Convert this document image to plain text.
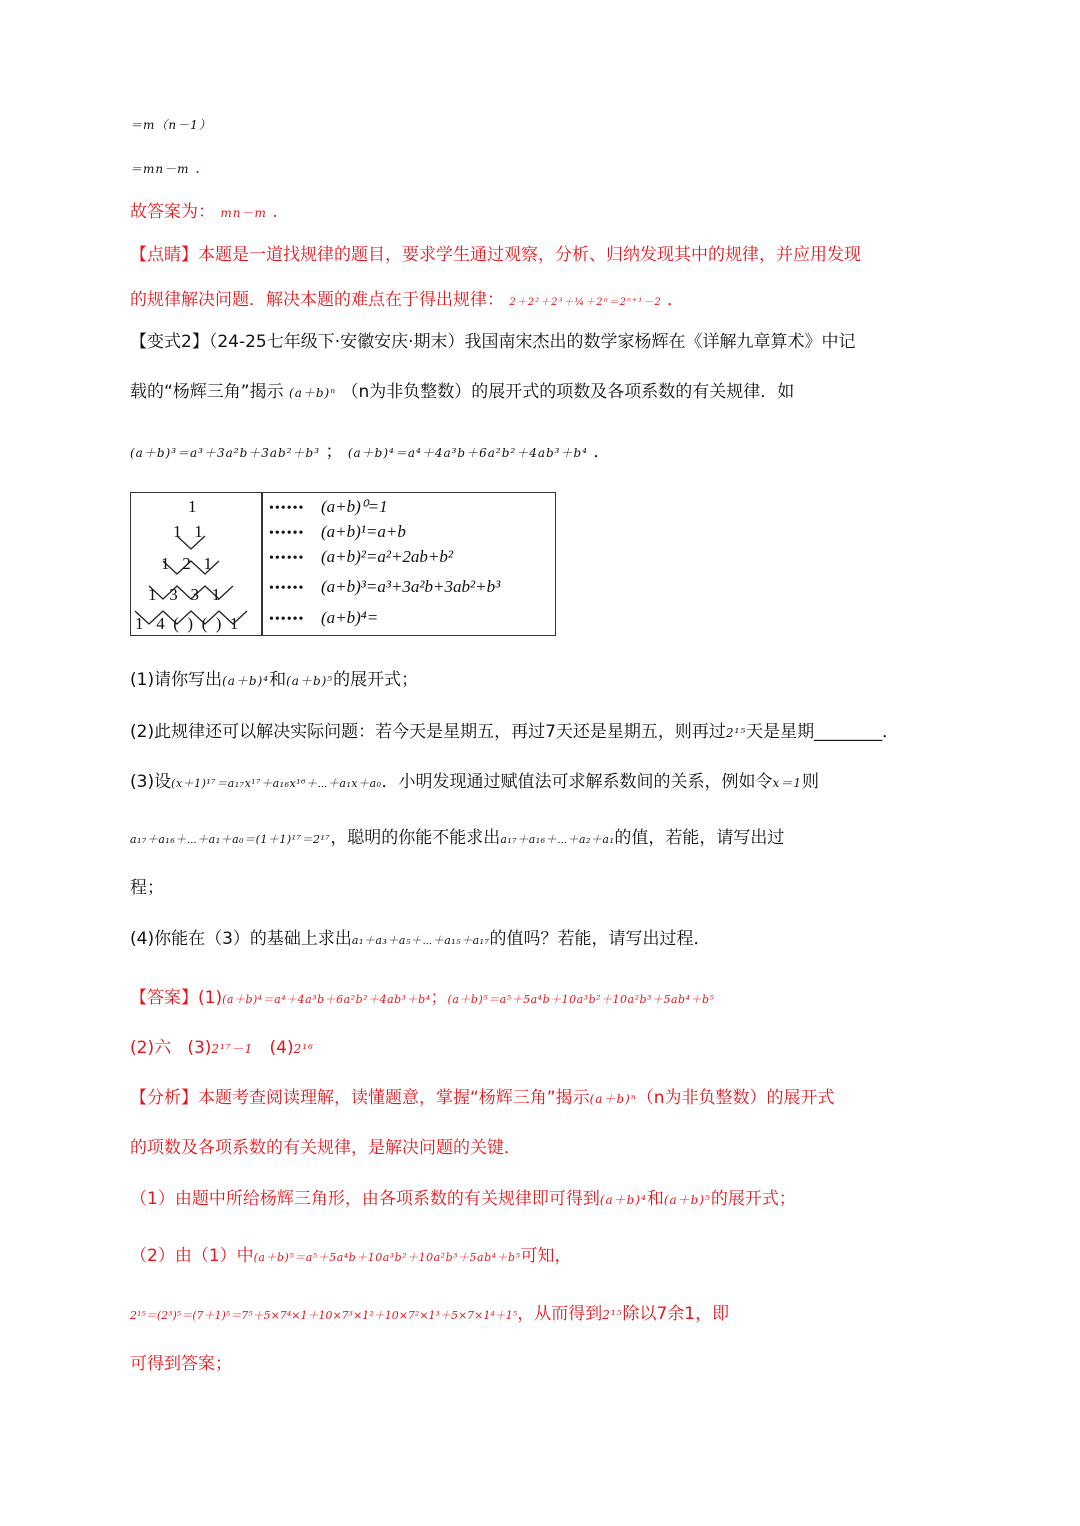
＝m（n－1）
＝mn－m .
故答案为： mn－m .
【点睛】本题是一道找规律的题目，要求学生通过观察，分析、归纳发现其中的规律，并应用发现
的规律解决问题．解决本题的难点在于得出规律： 2＋2²＋2³＋¼＋2ⁿ＝2ⁿ⁺¹－2 ．
【变式2】（24-25七年级下·安徽安庆·期末）我国南宋杰出的数学家杨辉在《详解九章算术》中记
载的“杨辉三角”揭示 (a＋b)ⁿ （n为非负整数）的展开式的项数及各项系数的有关规律．如
(a＋b)³＝a³＋3a²b＋3ab²＋b³ ； (a＋b)⁴＝a⁴＋4a³b＋6a²b²＋4ab³＋b⁴ ．
1
1   1
1   2   1
1   3   3   1
1   4  (  )  (  )  1
•••••• (a+b)⁰=1
•••••• (a+b)¹=a+b
•••••• (a+b)²=a²+2ab+b²
•••••• (a+b)³=a³+3a²b+3ab²+b³
•••••• (a+b)⁴=
(1)请你写出(a＋b)⁴和(a＋b)⁵的展开式；
(2)此规律还可以解决实际问题：若今天是星期五，再过7天还是星期五，则再过2¹⁵天是星期________．
(3)设(x＋1)¹⁷＝a₁₇x¹⁷＋a₁₆x¹⁶＋⋯＋a₁x＋a₀．小明发现通过赋值法可求解系数间的关系，例如令x＝1则
a₁₇＋a₁₆＋⋯＋a₁＋a₀＝(1＋1)¹⁷＝2¹⁷，聪明的你能不能求出a₁₇＋a₁₆＋⋯＋a₂＋a₁的值，若能，请写出过
程；
(4)你能在（3）的基础上求出a₁＋a₃＋a₅＋⋯＋a₁₅＋a₁₇的值吗？若能，请写出过程．
【答案】(1)(a＋b)⁴＝a⁴＋4a³b＋6a²b²＋4ab³＋b⁴；(a＋b)⁵＝a⁵＋5a⁴b＋10a³b²＋10a²b³＋5ab⁴＋b⁵
(2)六 (3)2¹⁷－1 (4)2¹⁶
【分析】本题考查阅读理解，读懂题意，掌握“杨辉三角”揭示(a＋b)ⁿ（n为非负整数）的展开式
的项数及各项系数的有关规律，是解决问题的关键．
（1）由题中所给杨辉三角形，由各项系数的有关规律即可得到(a＋b)⁴和(a＋b)⁵的展开式；
（2）由（1）中(a＋b)⁵＝a⁵＋5a⁴b＋10a³b²＋10a²b³＋5ab⁴＋b⁵可知，
2¹⁵＝(2³)⁵＝(7＋1)⁵＝7⁵＋5×7⁴×1＋10×7³×1²＋10×7²×1³＋5×7×1⁴＋1⁵，从而得到2¹⁵除以7余1，即
可得到答案；
